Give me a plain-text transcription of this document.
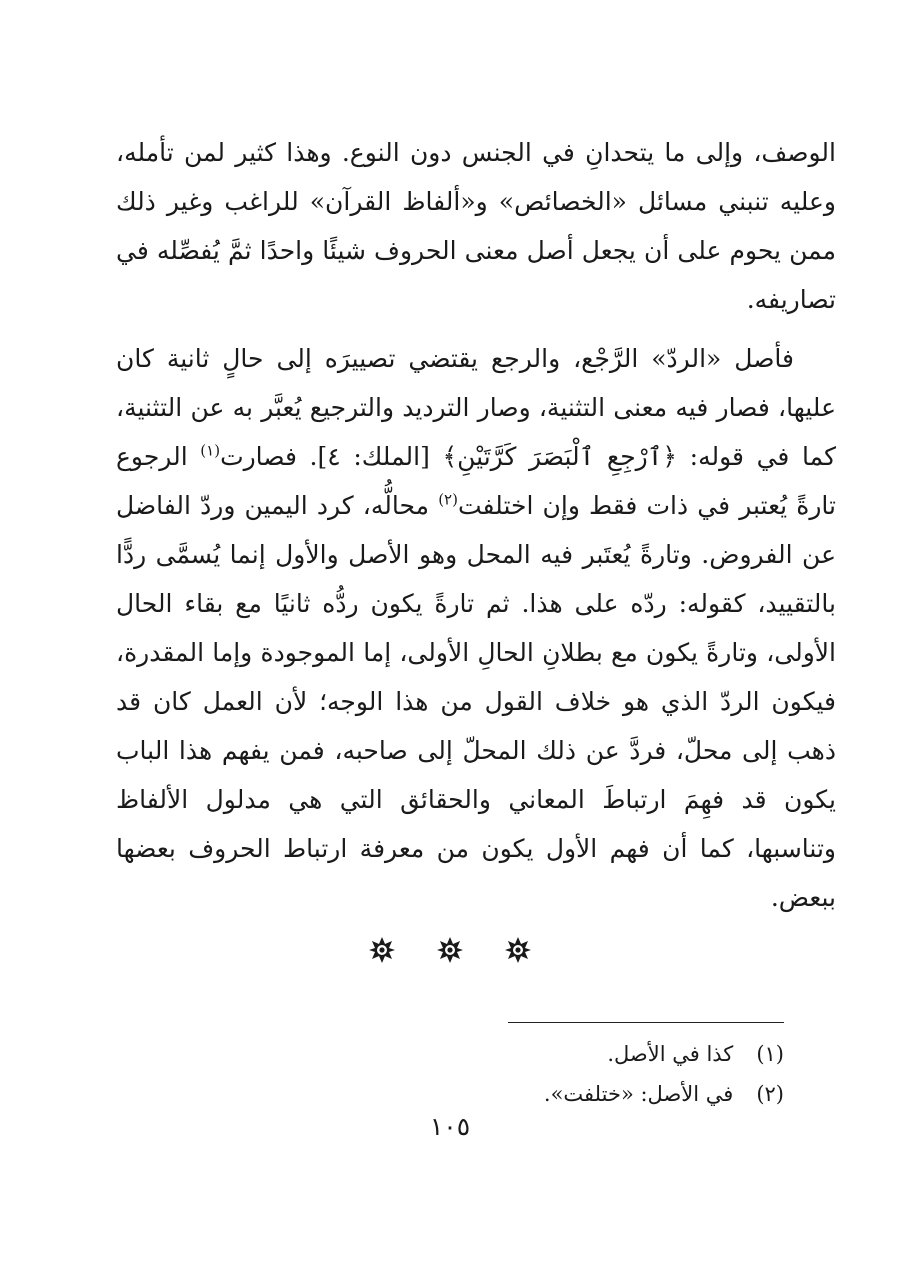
الوصف، وإلى ما يتحدانِ في الجنس دون النوع. وهذا كثير لمن تأمله، وعليه تنبني مسائل «الخصائص» و«ألفاظ القرآن» للراغب وغير ذلك ممن يحوم على أن يجعل أصل معنى الحروف شيئًا واحدًا ثمَّ يُفصِّله في تصاريفه.

فأصل «الردّ» الرَّجْع، والرجع يقتضي تصييرَه إلى حالٍ ثانية كان عليها، فصار فيه معنى التثنية، وصار الترديد والترجيع يُعبَّر به عن التثنية، كما في قوله: ﴿ٱرْجِعِ ٱلْبَصَرَ كَرَّتَيْنِ﴾ [الملك: ٤]. فصارت$^{(١)}$ الرجوع تارةً يُعتبر في ذات فقط وإن اختلفت$^{(٢)}$ محالُّه، كرد اليمين وردّ الفاضل عن الفروض. وتارةً يُعتَبر فيه المحل وهو الأصل والأول إنما يُسمَّى ردًّا بالتقييد، كقوله: ردّه على هذا. ثم تارةً يكون ردُّه ثانيًا مع بقاء الحال الأولى، وتارةً يكون مع بطلانِ الحالِ الأولى، إما الموجودة وإما المقدرة، فيكون الردّ الذي هو خلاف القول من هذا الوجه؛ لأن العمل كان قد ذهب إلى محلّ، فردَّ عن ذلك المحلّ إلى صاحبه، فمن يفهم هذا الباب يكون قد فهِمَ ارتباطَ المعاني والحقائق التي هي مدلول الألفاظ وتناسبها، كما أن فهم الأول يكون من معرفة ارتباط الحروف بعضها ببعض.

(١) كذا في الأصل.

(٢) في الأصل: «ختلفت».

١٠٥
